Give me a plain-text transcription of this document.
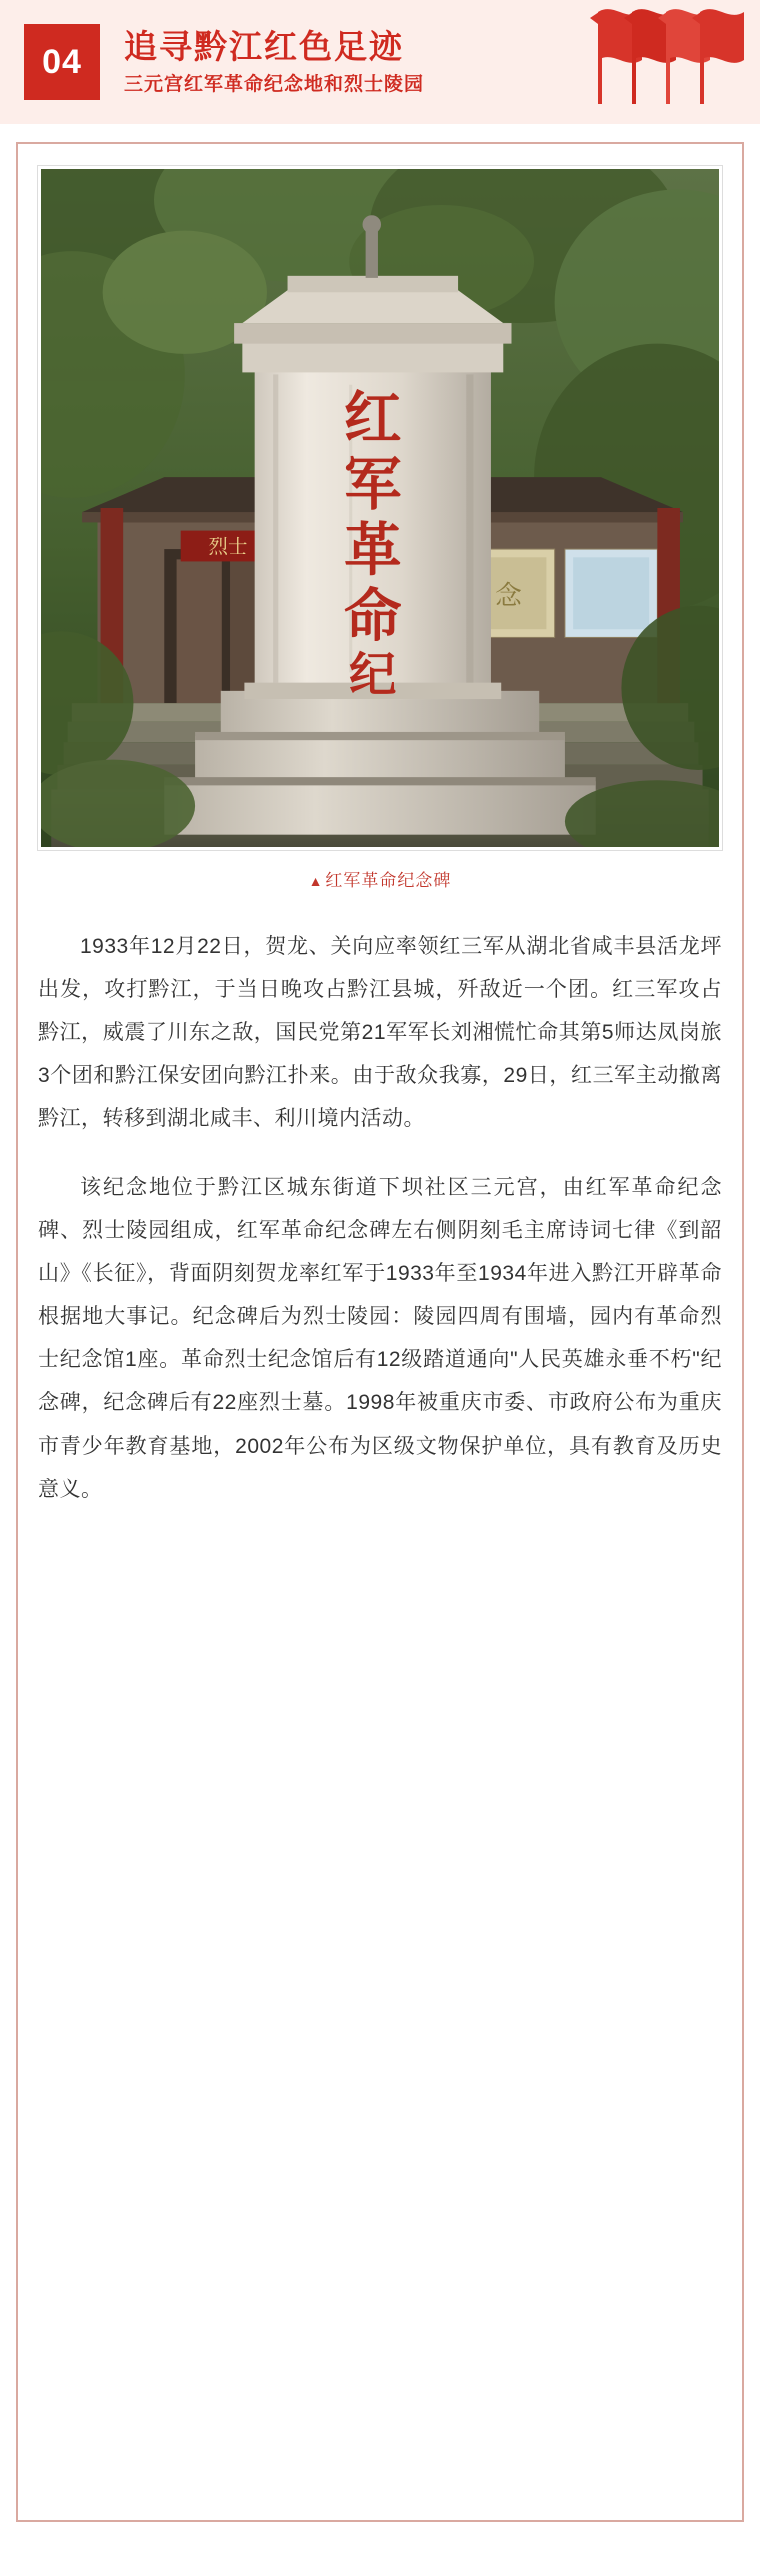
04	追寻黔江红色足迹
三元宫红军革命纪念地和烈士陵园
烈士
念
红
军
革
命
纪
▲ 红军革命纪念碑

1933年12月22日，贺龙、关向应率领红三军从湖北省咸丰县活龙坪出发，攻打黔江，于当日晚攻占黔江县城，歼敌近一个团。红三军攻占黔江，威震了川东之敌，国民党第21军军长刘湘慌忙命其第5师达凤岗旅3个团和黔江保安团向黔江扑来。由于敌众我寡，29日，红三军主动撤离黔江，转移到湖北咸丰、利川境内活动。

该纪念地位于黔江区城东街道下坝社区三元宫，由红军革命纪念碑、烈士陵园组成，红军革命纪念碑左右侧阴刻毛主席诗词七律《到韶山》《长征》，背面阴刻贺龙率红军于1933年至1934年进入黔江开辟革命根据地大事记。纪念碑后为烈士陵园：陵园四周有围墙，园内有革命烈士纪念馆1座。革命烈士纪念馆后有12级踏道通向"人民英雄永垂不朽"纪念碑，纪念碑后有22座烈士墓。1998年被重庆市委、市政府公布为重庆市青少年教育基地，2002年公布为区级文物保护单位，具有教育及历史意义。
